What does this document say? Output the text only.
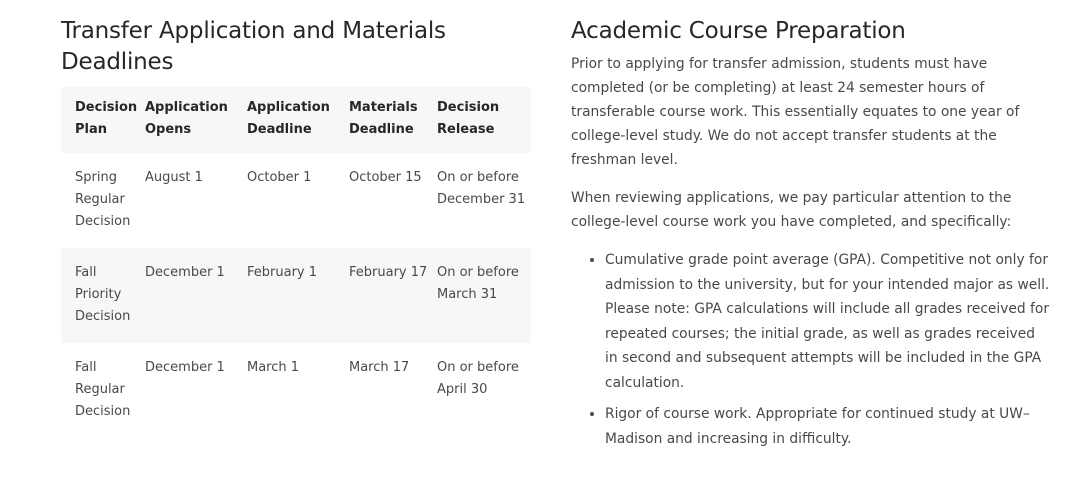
Transfer Application and Materials Deadlines
Decision Plan	Application Opens	Application Deadline	Materials Deadline	Decision Release
Spring Regular Decision	August 1	October 1	October 15	On or before December 31
Fall Priority Decision	December 1	February 1	February 17	On or before March 31
Fall Regular Decision	December 1	March 1	March 17	On or before April 30
Academic Course Preparation

Prior to applying for transfer admission, students must have completed (or be completing) at least 24 semester hours of transferable course work. This essentially equates to one year of college-level study. We do not accept transfer students at the freshman level.

When reviewing applications, we pay particular attention to the college-level course work you have completed, and specifically:

• Cumulative grade point average (GPA). Competitive not only for admission to the university, but for your intended major as well. Please note: GPA calculations will include all grades received for repeated courses; the initial grade, as well as grades received in second and subsequent attempts will be included in the GPA calculation.
• Rigor of course work. Appropriate for continued study at UW–Madison and increasing in difficulty.
